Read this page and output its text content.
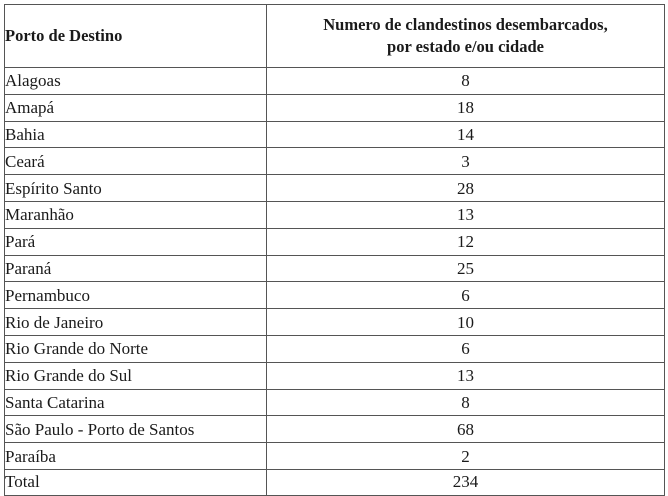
Porto de Destino	Numero de clandestinos desembarcados,
por estado e/ou cidade
Alagoas	8
Amapá	18
Bahia	14
Ceará	3
Espírito Santo	28
Maranhão	13
Pará	12
Paraná	25
Pernambuco	6
Rio de Janeiro	10
Rio Grande do Norte	6
Rio Grande do Sul	13
Santa Catarina	8
São Paulo - Porto de Santos	68
Paraíba	2
Total	234
